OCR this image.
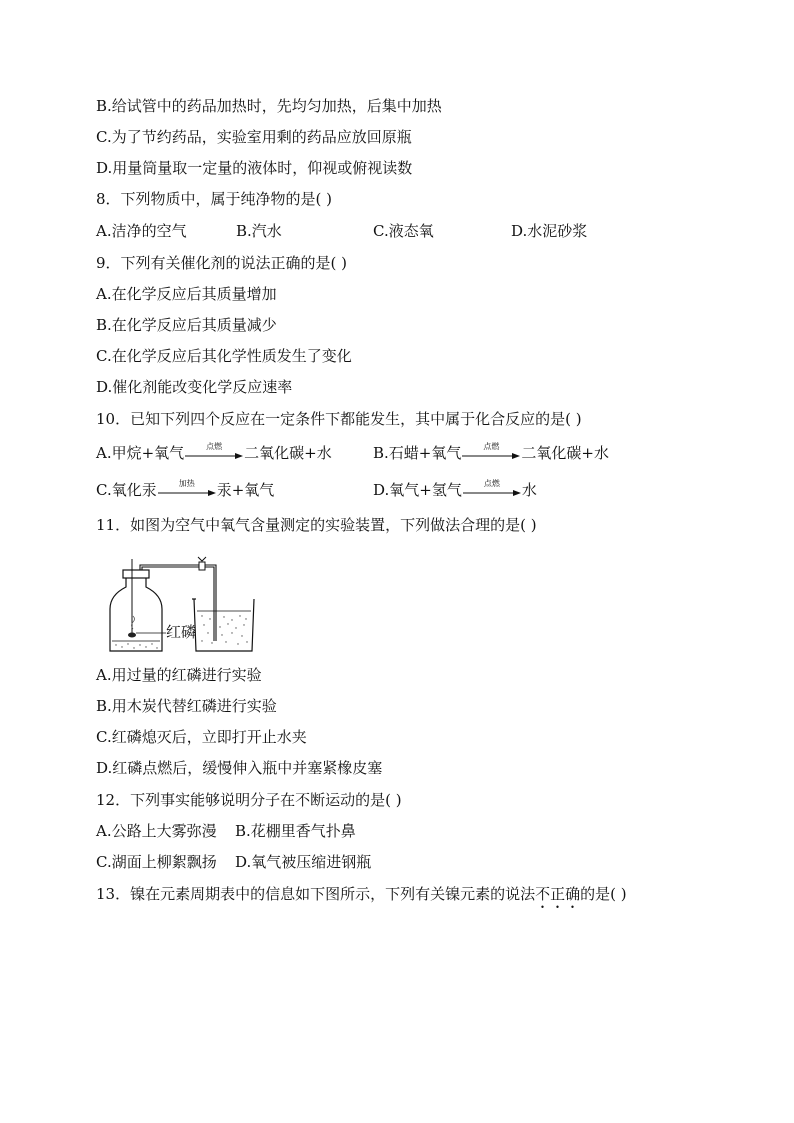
B.给试管中的药品加热时，先均匀加热，后集中加热
C.为了节约药品，实验室用剩的药品应放回原瓶
D.用量筒量取一定量的液体时，仰视或俯视读数
8．下列物质中，属于纯净物的是( )
A.洁净的空气	B.汽水	C.液态氧	D.水泥砂浆
9．下列有关催化剂的说法正确的是( )
A.在化学反应后其质量增加
B.在化学反应后其质量减少
C.在化学反应后其化学性质发生了变化
D.催化剂能改变化学反应速率
10．已知下列四个反应在一定条件下都能发生，其中属于化合反应的是( )
A.甲烷+氧气	点燃	二氧化碳+水	B.石蜡+氧气	点燃	二氧化碳+水
C.氧化汞	加热	汞+氧气	D.氧气+氢气	点燃	水
11．如图为空气中氧气含量测定的实验装置，下列做法合理的是( )
红磷
A.用过量的红磷进行实验
B.用木炭代替红磷进行实验
C.红磷熄灭后，立即打开止水夹
D.红磷点燃后，缓慢伸入瓶中并塞紧橡皮塞
12．下列事实能够说明分子在不断运动的是( )
A.公路上大雾弥漫 B.花棚里香气扑鼻
C.湖面上柳絮飘扬 D.氧气被压缩进钢瓶
13．镍在元素周期表中的信息如下图所示，下列有关镍元素的说法不正确的是( )
